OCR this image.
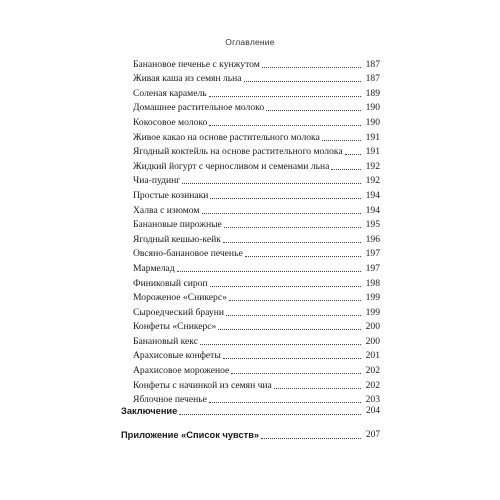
Оглавление
Банановое печенье с кунжутом	187
Живая каша из семян льна	187
Соленая карамель	189
Домашнее растительное молоко	190
Кокосовое молоко	190
Живое какао на основе растительного молока	191
Ягодный коктейль на основе растительного молока 191
Жидкий йогурт с черносливом и семенами льна	192
Чиа-пудинг	192
Простые козинаки	194
Халва с изюмом	194
Банановые пирожные	195
Ягодный кешью-кейк	196
Овсяно-банановое печенье	197
Мармелад	197
Финиковый сироп	198
Мороженое «Сникерс»	199
Сыроедческий брауни	199
Конфеты «Сникерс»	200
Банановый кекс	200
Арахисовые конфеты	201
Арахисовое мороженое	202
Конфеты с начинкой из семян чиа	202
Яблочное печенье	203
Заключение	204
Приложение «Список чувств»	207
